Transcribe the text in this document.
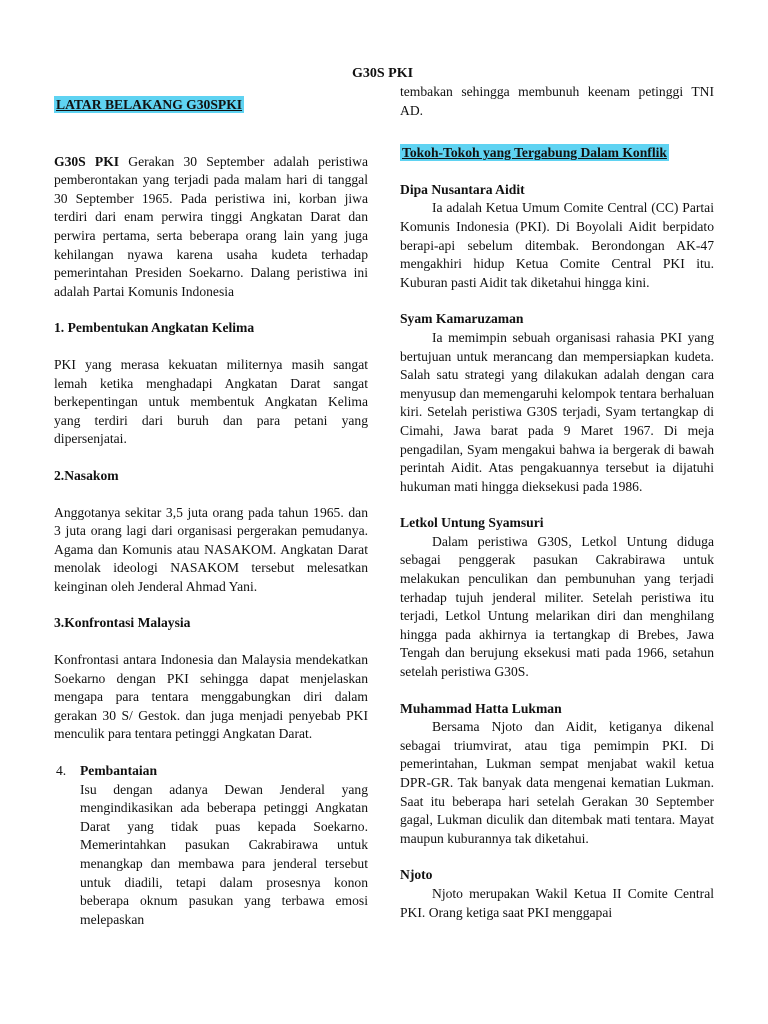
G30S PKI
LATAR BELAKANG G30SPKI

G30S PKI Gerakan 30 September adalah peristiwa pemberontakan yang terjadi pada malam hari di tanggal 30 September 1965. Pada peristiwa ini, korban jiwa terdiri dari enam perwira tinggi Angkatan Darat dan perwira pertama, serta beberapa orang lain yang juga kehilangan nyawa karena usaha kudeta terhadap pemerintahan Presiden Soekarno. Dalang peristiwa ini adalah Partai Komunis Indonesia

1. Pembentukan Angkatan Kelima

PKI yang merasa kekuatan militernya masih sangat lemah ketika menghadapi Angkatan Darat sangat berkepentingan untuk membentuk Angkatan Kelima yang terdiri dari buruh dan para petani yang dipersenjatai.

2.Nasakom

Anggotanya sekitar 3,5 juta orang pada tahun 1965. dan 3 juta orang lagi dari organisasi pergerakan pemudanya. Agama dan Komunis atau NASAKOM. Angkatan Darat menolak ideologi NASAKOM tersebut melesatkan keinginan oleh Jenderal Ahmad Yani.

3.Konfrontasi Malaysia

Konfrontasi antara Indonesia dan Malaysia mendekatkan Soekarno dengan PKI sehingga dapat menjelaskan mengapa para tentara menggabungkan diri dalam gerakan 30 S/ Gestok. dan juga menjadi penyebab PKI menculik para tentara petinggi Angkatan Darat.

4. Pembantaian

Isu dengan adanya Dewan Jenderal yang mengindikasikan ada beberapa petinggi Angkatan Darat yang tidak puas kepada Soekarno. Memerintahkan pasukan Cakrabirawa untuk menangkap dan membawa para jenderal tersebut untuk diadili, tetapi dalam prosesnya konon beberapa oknum pasukan yang terbawa emosi melepaskan

tembakan sehingga membunuh keenam petinggi TNI AD.

Tokoh-Tokoh yang Tergabung Dalam Konflik
Dipa Nusantara Aidit

Ia adalah Ketua Umum Comite Central (CC) Partai Komunis Indonesia (PKI). Di Boyolali Aidit berpidato berapi-api sebelum ditembak. Berondongan AK-47 mengakhiri hidup Ketua Comite Central PKI itu. Kuburan pasti Aidit tak diketahui hingga kini.

Syam Kamaruzaman

Ia memimpin sebuah organisasi rahasia PKI yang bertujuan untuk merancang dan mempersiapkan kudeta. Salah satu strategi yang dilakukan adalah dengan cara menyusup dan memengaruhi kelompok tentara berhaluan kiri. Setelah peristiwa G30S terjadi, Syam tertangkap di Cimahi, Jawa barat pada 9 Maret 1967. Di meja pengadilan, Syam mengakui bahwa ia bergerak di bawah perintah Aidit. Atas pengakuannya tersebut ia dijatuhi hukuman mati hingga dieksekusi pada 1986.

Letkol Untung Syamsuri

Dalam peristiwa G30S, Letkol Untung diduga sebagai penggerak pasukan Cakrabirawa untuk melakukan penculikan dan pembunuhan yang terjadi terhadap tujuh jenderal militer. Setelah peristiwa itu terjadi, Letkol Untung melarikan diri dan menghilang hingga pada akhirnya ia tertangkap di Brebes, Jawa Tengah dan berujung eksekusi mati pada 1966, setahun setelah peristiwa G30S.

Muhammad Hatta Lukman

Bersama Njoto dan Aidit, ketiganya dikenal sebagai triumvirat, atau tiga pemimpin PKI. Di pemerintahan, Lukman sempat menjabat wakil ketua DPR-GR. Tak banyak data mengenai kematian Lukman. Saat itu beberapa hari setelah Gerakan 30 September gagal, Lukman diculik dan ditembak mati tentara. Mayat maupun kuburannya tak diketahui.

Njoto

Njoto merupakan Wakil Ketua II Comite Central PKI. Orang ketiga saat PKI menggapai
